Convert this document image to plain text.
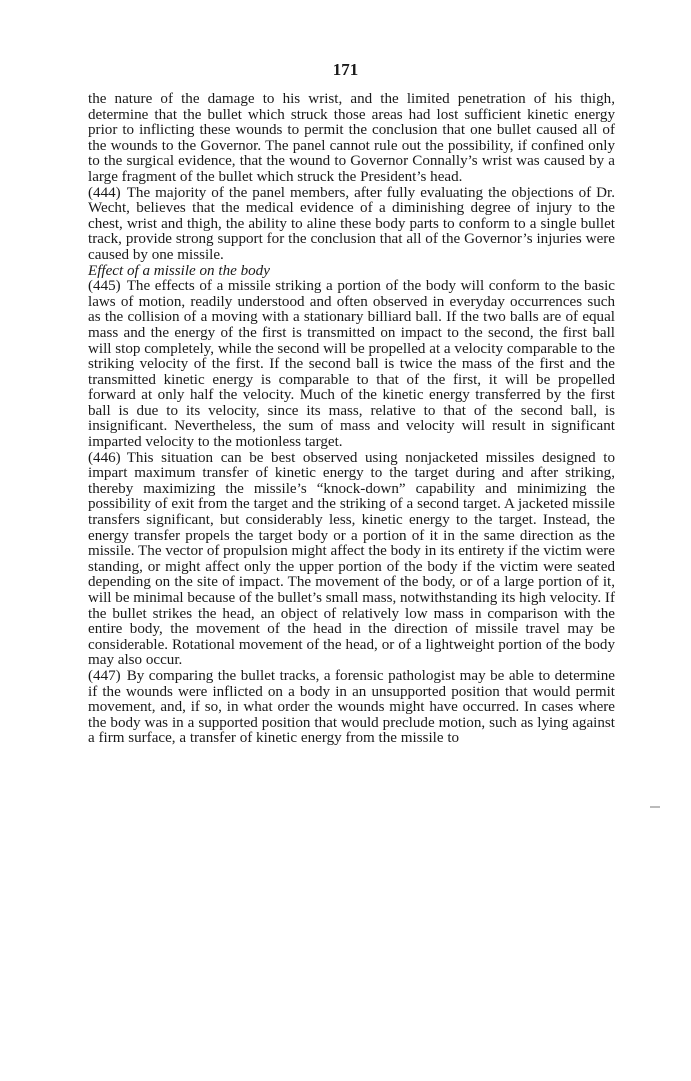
171

the nature of the damage to his wrist, and the limited penetration of his thigh, determine that the bullet which struck those areas had lost sufficient kinetic energy prior to inflicting these wounds to permit the conclusion that one bullet caused all of the wounds to the Governor. The panel cannot rule out the possibility, if confined only to the surgical evidence, that the wound to Governor Connally’s wrist was caused by a large fragment of the bullet which struck the President’s head.

(444) The majority of the panel members, after fully evaluating the objections of Dr. Wecht, believes that the medical evidence of a diminishing degree of injury to the chest, wrist and thigh, the ability to aline these body parts to conform to a single bullet track, provide strong support for the conclusion that all of the Governor’s injuries were caused by one missile.

Effect of a missile on the body

(445) The effects of a missile striking a portion of the body will conform to the basic laws of motion, readily understood and often observed in everyday occurrences such as the collision of a moving with a stationary billiard ball. If the two balls are of equal mass and the energy of the first is transmitted on impact to the second, the first ball will stop completely, while the second will be propelled at a velocity comparable to the striking velocity of the first. If the second ball is twice the mass of the first and the transmitted kinetic energy is comparable to that of the first, it will be propelled forward at only half the velocity. Much of the kinetic energy transferred by the first ball is due to its velocity, since its mass, relative to that of the second ball, is insignificant. Nevertheless, the sum of mass and velocity will result in significant imparted velocity to the motionless target.

(446) This situation can be best observed using nonjacketed missiles designed to impart maximum transfer of kinetic energy to the target during and after striking, thereby maximizing the missile’s “knock-down” capability and minimizing the possibility of exit from the target and the striking of a second target. A jacketed missile transfers significant, but considerably less, kinetic energy to the target. Instead, the energy transfer propels the target body or a portion of it in the same direction as the missile. The vector of propulsion might affect the body in its entirety if the victim were standing, or might affect only the upper portion of the body if the victim were seated depending on the site of impact. The movement of the body, or of a large portion of it, will be minimal because of the bullet’s small mass, notwithstanding its high velocity. If the bullet strikes the head, an object of relatively low mass in comparison with the entire body, the movement of the head in the direction of missile travel may be considerable. Rotational movement of the head, or of a lightweight portion of the body may also occur.

(447) By comparing the bullet tracks, a forensic pathologist may be able to determine if the wounds were inflicted on a body in an unsupported position that would permit movement, and, if so, in what order the wounds might have occurred. In cases where the body was in a supported position that would preclude motion, such as lying against a firm surface, a transfer of kinetic energy from the missile to
